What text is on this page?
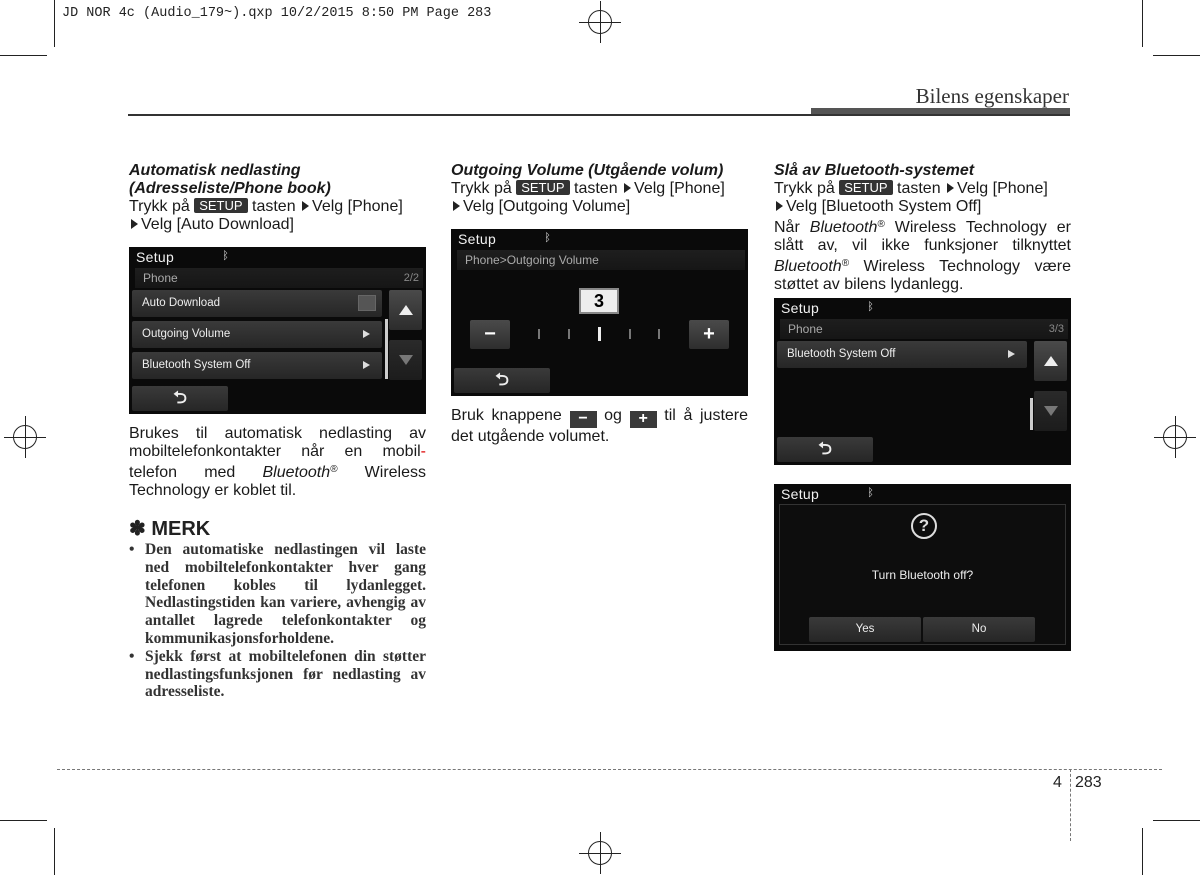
JD NOR 4c (Audio_179~).qxp 10/2/2015 8:50 PM Page 283
Bilens egenskaper
Automatisk nedlasting
(Adresseliste/Phone book)
Trykk på SETUP tasten Velg [Phone]
Velg [Auto Download]
Setup	ᛒ
Phone	2/2
Auto Download
Outgoing Volume
Bluetooth System Off
⮌
Brukes til automatisk nedlasting av mobiltelefonkontakter når en mobil- telefon med Bluetooth® Wireless Technology er koblet til.
✽ MERK
• Den automatiske nedlastingen vil laste ned mobiltelefonkontakter hver gang telefonen kobles til lydanlegget. Nedlastingstiden kan variere, avhengig av antallet lagrede telefonkontakter og kommunikasjonsforholdene.
• Sjekk først at mobiltelefonen din støtter nedlastingsfunksjonen før nedlasting av adresseliste.
Outgoing Volume (Utgående volum)
Trykk på SETUP tasten Velg [Phone]
Velg [Outgoing Volume]
Setup	ᛒ
Phone>Outgoing Volume
3
−	+
⮌
Bruk knappene − og + til å justere det utgående volumet.
Slå av Bluetooth-systemet
Trykk på SETUP tasten Velg [Phone]
Velg [Bluetooth System Off]
Når Bluetooth® Wireless Technology er slått av, vil ikke funksjoner tilknyttet Bluetooth® Wireless Technology være støttet av bilens lydanlegg.
Setup	ᛒ
Phone	3/3
Bluetooth System Off
⮌
Setup	ᛒ
?
Turn Bluetooth off?
Yes	No
4 283
